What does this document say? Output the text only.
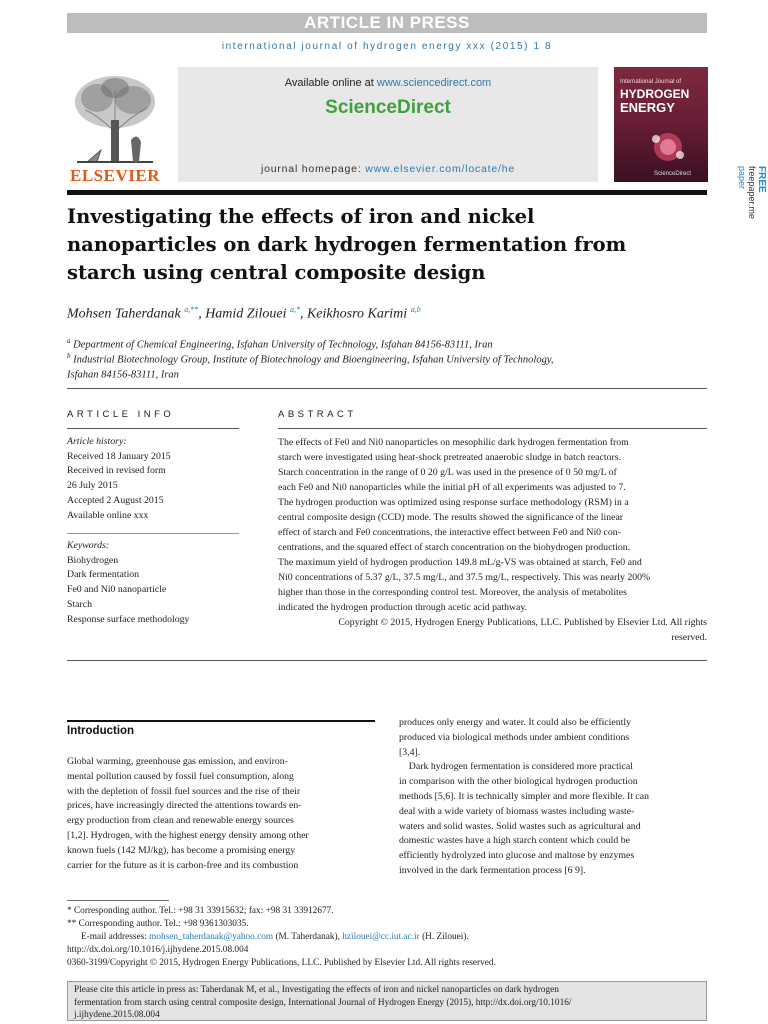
ARTICLE IN PRESS
international journal of hydrogen energy xxx (2015) 1 8
ELSEVIER
Available online at www.sciencedirect.com
ScienceDirect
journal homepage: www.elsevier.com/locate/he
International Journal of
HYDROGEN
ENERGY
ScienceDirect	FREE
freepaper.me
paper
Investigating the effects of iron and nickel nanoparticles on dark hydrogen fermentation from starch using central composite design
Mohsen Taherdanak $^{a,**}$, Hamid Zilouei $^{a,*}$, Keikhosro Karimi $^{a,b}$
$^a$ Department of Chemical Engineering, Isfahan University of Technology, Isfahan 84156-83111, Iran
$^b$ Industrial Biotechnology Group, Institute of Biotechnology and Bioengineering, Isfahan University of Technology,
Isfahan 84156-83111, Iran
ARTICLE INFO
Article history:
Received 18 January 2015
Received in revised form
26 July 2015
Accepted 2 August 2015
Available online xxx
Keywords:
Biohydrogen
Dark fermentation
Fe0 and Ni0 nanoparticle
Starch
Response surface methodology
ABSTRACT
The effects of Fe0 and Ni0 nanoparticles on mesophilic dark hydrogen fermentation from
starch were investigated using heat-shock pretreated anaerobic sludge in batch reactors.
Starch concentration in the range of 0 20 g/L was used in the presence of 0 50 mg/L of
each Fe0 and Ni0 nanoparticles while the initial pH of all experiments was adjusted to 7.
The hydrogen production was optimized using response surface methodology (RSM) in a
central composite design (CCD) mode. The results showed the significance of the linear
effect of starch and Fe0 concentrations, the interactive effect between Fe0 and Ni0 con-
centrations, and the squared effect of starch concentration on the biohydrogen production.
The maximum yield of hydrogen production 149.8 mL/g-VS was obtained at starch, Fe0 and
Ni0 concentrations of 5.37 g/L, 37.5 mg/L, and 37.5 mg/L, respectively. This was nearly 200%
higher than those in the corresponding control test. Moreover, the analysis of metabolites
indicated the hydrogen production through acetic acid pathway.
Copyright © 2015, Hydrogen Energy Publications, LLC. Published by Elsevier Ltd. All rights
reserved.
Introduction
Global warming, greenhouse gas emission, and environ-
mental pollution caused by fossil fuel consumption, along
with the depletion of fossil fuel sources and the rise of their
prices, have increasingly directed the attentions towards en-
ergy production from clean and renewable energy sources
[1,2]. Hydrogen, with the highest energy density among other
known fuels (142 MJ/kg), has become a promising energy
carrier for the future as it is carbon-free and its combustion
produces only energy and water. It could also be efficiently
produced via biological methods under ambient conditions
[3,4].
Dark hydrogen fermentation is considered more practical
in comparison with the other biological hydrogen production
methods [5,6]. It is technically simpler and more flexible. It can
deal with a wide variety of biomass wastes including waste-
waters and solid wastes. Solid wastes such as agricultural and
domestic wastes have a high starch content which could be
efficiently hydrolyzed into glucose and maltose by enzymes
involved in the dark fermentation process [6 9].
* Corresponding author. Tel.: +98 31 33915632; fax: +98 31 33912677.
** Corresponding author. Tel.: +98 9361303035.
E-mail addresses: mohsen_taherdanak@yahoo.com (M. Taherdanak), hzilouei@cc.iut.ac.ir (H. Zilouei).
http://dx.doi.org/10.1016/j.ijhydene.2015.08.004
0360-3199/Copyright © 2015, Hydrogen Energy Publications, LLC. Published by Elsevier Ltd. All rights reserved.
Please cite this article in press as: Taherdanak M, et al., Investigating the effects of iron and nickel nanoparticles on dark hydrogen
fermentation from starch using central composite design, International Journal of Hydrogen Energy (2015), http://dx.doi.org/10.1016/
j.ijhydene.2015.08.004
